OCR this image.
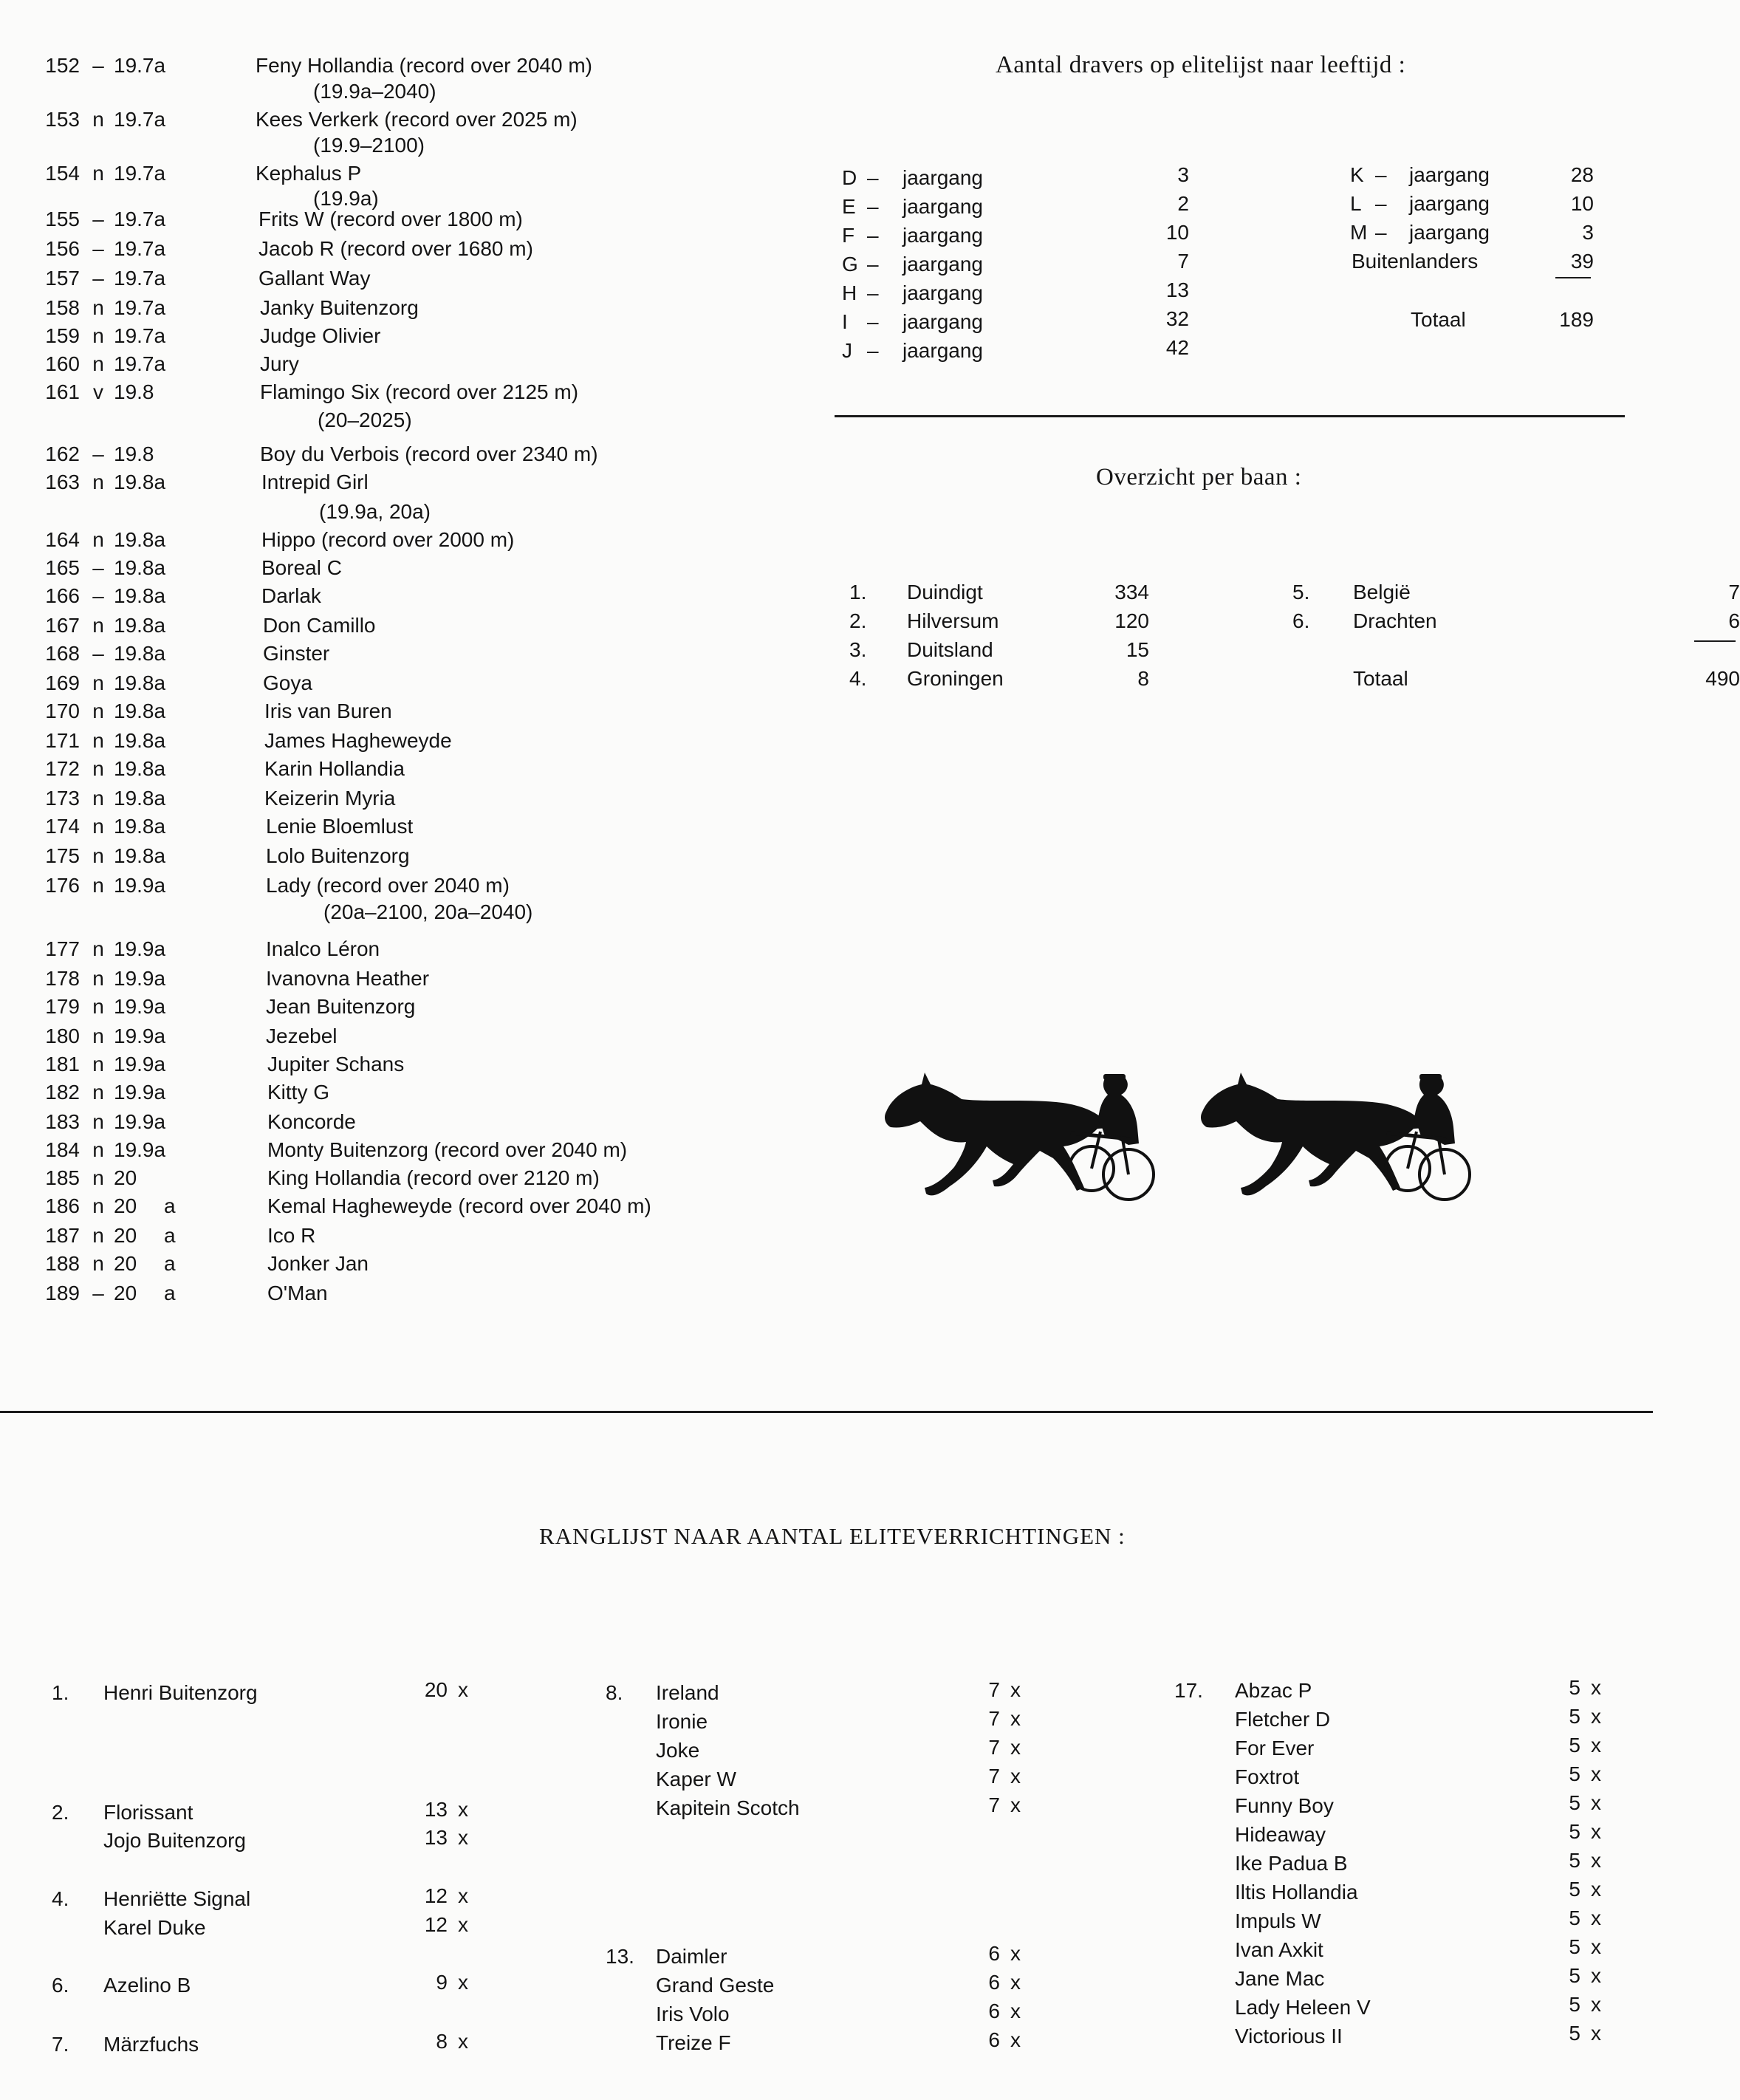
152 – 19.7a	Feny Hollandia (record over 2040 m)
(19.9a–2040)
153 n 19.7a	Kees Verkerk (record over 2025 m)
(19.9–2100)
154 n 19.7a	Kephalus P
(19.9a)
155 – 19.7a	Frits W (record over 1800 m)
156 – 19.7a	Jacob R (record over 1680 m)
157 – 19.7a	Gallant Way
158 n 19.7a	Janky Buitenzorg
159 n 19.7a	Judge Olivier
160 n 19.7a	Jury
161 v 19.8	Flamingo Six (record over 2125 m)
(20–2025)
162 – 19.8	Boy du Verbois (record over 2340 m)
163 n 19.8a	Intrepid Girl
(19.9a, 20a)
164 n 19.8a	Hippo (record over 2000 m)
165 – 19.8a	Boreal C
166 – 19.8a	Darlak
167 n 19.8a	Don Camillo
168 – 19.8a	Ginster
169 n 19.8a	Goya
170 n 19.8a	Iris van Buren
171 n 19.8a	James Hagheweyde
172 n 19.8a	Karin Hollandia
173 n 19.8a	Keizerin Myria
174 n 19.8a	Lenie Bloemlust
175 n 19.8a	Lolo Buitenzorg
176 n 19.9a	Lady (record over 2040 m)
(20a–2100, 20a–2040)
177 n 19.9a	Inalco Léron
178 n 19.9a	Ivanovna Heather
179 n 19.9a	Jean Buitenzorg
180 n 19.9a	Jezebel
181 n 19.9a	Jupiter Schans
182 n 19.9a	Kitty G
183 n 19.9a	Koncorde
184 n 19.9a	Monty Buitenzorg (record over 2040 m)
185 n 20	King Hollandia (record over 2120 m)
186 n 20 a	Kemal Hagheweyde (record over 2040 m)
187 n 20 a	Ico R
188 n 20 a	Jonker Jan
189 – 20 a	O'Man
Aantal dravers op elitelijst naar leeftijd :
D – jaargang	3
E – jaargang	2
F – jaargang	10
G – jaargang	7
H – jaargang	13
I – jaargang	32
J – jaargang	42
K – jaargang	28
L – jaargang	10
M – jaargang	3
Buitenlanders	39
Totaal	189
Overzicht per baan :
1. Duindigt	334
2. Hilversum	120
3. Duitsland	15
4. Groningen	8
5. België	7
6. Drachten	6
Totaal	490
RANGLIJST NAAR AANTAL ELITEVERRICHTINGEN :
1. Henri Buitenzorg	20 x
2. Florissant	13 x
Jojo Buitenzorg	13 x
4. Henriëtte Signal	12 x
Karel Duke	12 x
6. Azelino B	9 x
7. Märzfuchs	8 x
8. Ireland	7 x
Ironie	7 x
Joke	7 x
Kaper W	7 x
Kapitein Scotch	7 x
13. Daimler	6 x
Grand Geste	6 x
Iris Volo	6 x
Treize F	6 x
17. Abzac P	5 x
Fletcher D	5 x
For Ever	5 x
Foxtrot	5 x
Funny Boy	5 x
Hideaway	5 x
Ike Padua B	5 x
Iltis Hollandia	5 x
Impuls W	5 x
Ivan Axkit	5 x
Jane Mac	5 x
Lady Heleen V	5 x
Victorious II	5 x
